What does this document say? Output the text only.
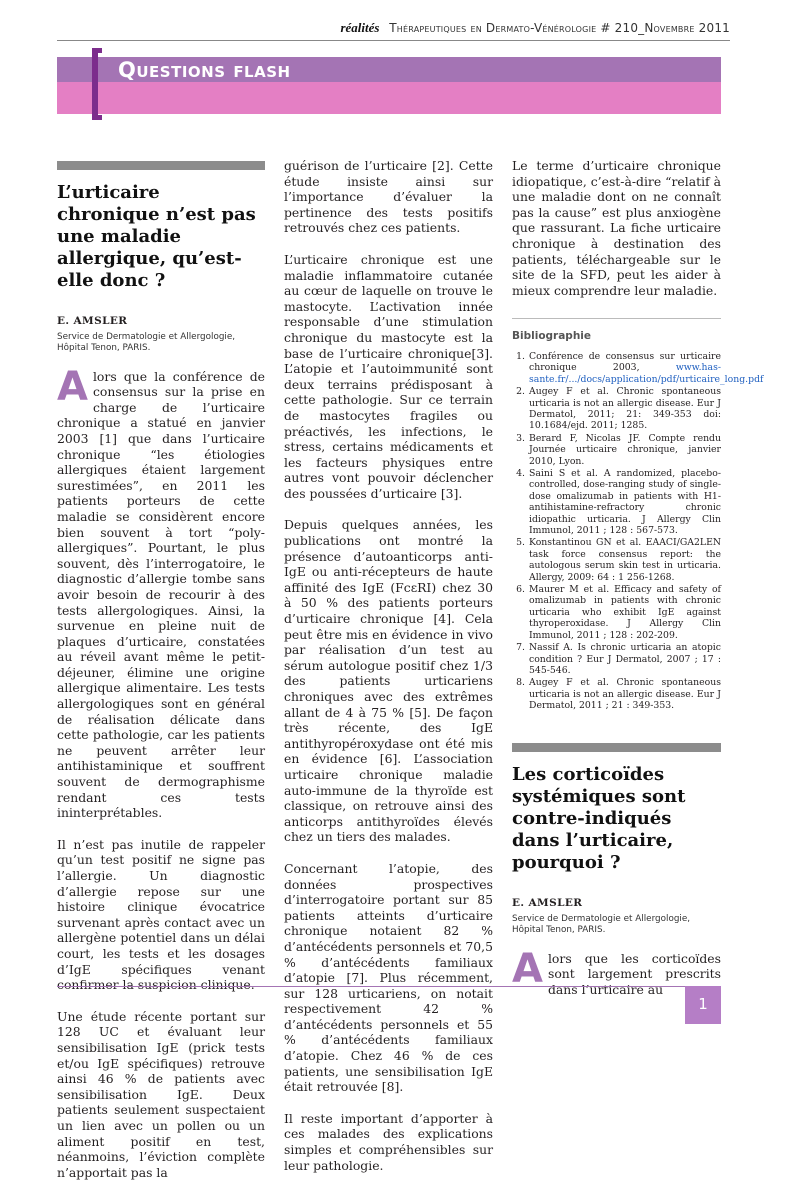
réalités Thérapeutiques en Dermato-Vénérologie # 210_Novembre 2011
Questions flash
L’urticaire chronique n’est pas une maladie allergique, qu’est-elle donc ?
E. AMSLER
Service de Dermatologie et Allergologie,
Hôpital Tenon, PARIS.

Alors que la conférence de consensus sur la prise en charge de l’urticaire chronique a statué en janvier 2003 [1] que dans l’urticaire chronique “les étiologies allergiques étaient largement surestimées”, en 2011 les patients porteurs de cette maladie se considèrent encore bien souvent à tort “poly-allergiques”. Pourtant, le plus souvent, dès l’interrogatoire, le diagnostic d’allergie tombe sans avoir besoin de recourir à des tests allergologiques. Ainsi, la survenue en pleine nuit de plaques d’urticaire, constatées au réveil avant même le petit-déjeuner, élimine une origine allergique alimentaire. Les tests allergologiques sont en général de réalisation délicate dans cette pathologie, car les patients ne peuvent arrêter leur antihistaminique et souffrent souvent de dermographisme rendant ces tests ininterprétables.

Il n’est pas inutile de rappeler qu’un test positif ne signe pas l’allergie. Un diagnostic d’allergie repose sur une histoire clinique évocatrice survenant après contact avec un allergène potentiel dans un délai court, les tests et les dosages d’IgE spécifiques venant confirmer la suspicion clinique.

Une étude récente portant sur 128 UC et évaluant leur sensibilisation IgE (prick tests et/ou IgE spécifiques) retrouve ainsi 46 % de patients avec sensibilisation IgE. Deux patients seulement suspectaient un lien avec un pollen ou un aliment positif en test, néanmoins, l’éviction complète n’apportait pas la

guérison de l’urticaire [2]. Cette étude insiste ainsi sur l’importance d’évaluer la pertinence des tests positifs retrouvés chez ces patients.

L’urticaire chronique est une maladie inflammatoire cutanée au cœur de laquelle on trouve le mastocyte. L’activation innée responsable d’une stimulation chronique du mastocyte est la base de l’urticaire chronique[3]. L’atopie et l’autoimmunité sont deux terrains prédisposant à cette pathologie. Sur ce terrain de mastocytes fragiles ou préactivés, les infections, le stress, certains médicaments et les facteurs physiques entre autres vont pouvoir déclencher des poussées d’urticaire [3].

Depuis quelques années, les publications ont montré la présence d’autoanticorps anti-IgE ou anti-récepteurs de haute affinité des IgE (FcεRI) chez 30 à 50 % des patients porteurs d’urticaire chronique [4]. Cela peut être mis en évidence in vivo par réalisation d’un test au sérum autologue positif chez 1/3 des patients urticariens chroniques avec des extrêmes allant de 4 à 75 % [5]. De façon très récente, des IgE antithyropéroxydase ont été mis en évidence [6]. L’association urticaire chronique maladie auto-immune de la thyroïde est classique, on retrouve ainsi des anticorps antithyroïdes élevés chez un tiers des malades.

Concernant l’atopie, des données prospectives d’interrogatoire portant sur 85 patients atteints d’urticaire chronique notaient 82 % d’antécédents personnels et 70,5 % d’antécédents familiaux d’atopie [7]. Plus récemment, sur 128 urticariens, on notait respectivement 42 % d’antécédents personnels et 55 % d’antécédents familiaux d’atopie. Chez 46 % de ces patients, une sensibilisation IgE était retrouvée [8].

Il reste important d’apporter à ces malades des explications simples et compréhensibles sur leur pathologie.

Le terme d’urticaire chronique idiopatique, c’est-à-dire “relatif à une maladie dont on ne connaît pas la cause” est plus anxiogène que rassurant. La fiche urticaire chronique à destination des patients, téléchargeable sur le site de la SFD, peut les aider à mieux comprendre leur maladie.

Bibliographie
1. Conférence de consensus sur urticaire chronique 2003,	www.has-sante.fr/.../docs/application/pdf/urticaire_long.pdf
2. Augey F et al. Chronic spontaneous urticaria is not an allergic disease. Eur J Dermatol, 2011; 21: 349-353 doi: 10.1684/ejd. 2011; 1285.
3. Berard F, Nicolas JF. Compte rendu Journée urticaire chronique, janvier 2010, Lyon.
4. Saini S et al. A randomized, placebo-controlled, dose-ranging study of single-dose omalizumab in patients with H1-antihistamine-refractory chronic idiopathic urticaria. J Allergy Clin Immunol, 2011 ; 128 : 567-573.
5. Konstantinou GN et al. EAACI/GA2LEN task force consensus report: the autologous serum skin test in urticaria. Allergy, 2009: 64 : 1 256-1268.
6. Maurer M et al. Efficacy and safety of omalizumab in patients with chronic urticaria who exhibit IgE against thyroperoxidase. J Allergy Clin Immunol, 2011 ; 128 : 202-209.
7. Nassif A. Is chronic urticaria an atopic condition ? Eur J Dermatol, 2007 ; 17 : 545-546.
8. Augey F et al. Chronic spontaneous urticaria is not an allergic disease. Eur J Dermatol, 2011 ; 21 : 349-353.
Les corticoïdes systémiques sont contre-indiqués dans l’urticaire, pourquoi ?
E. AMSLER
Service de Dermatologie et Allergologie,
Hôpital Tenon, PARIS.

Alors que les corticoïdes sont largement prescrits dans l’urticaire au

1
